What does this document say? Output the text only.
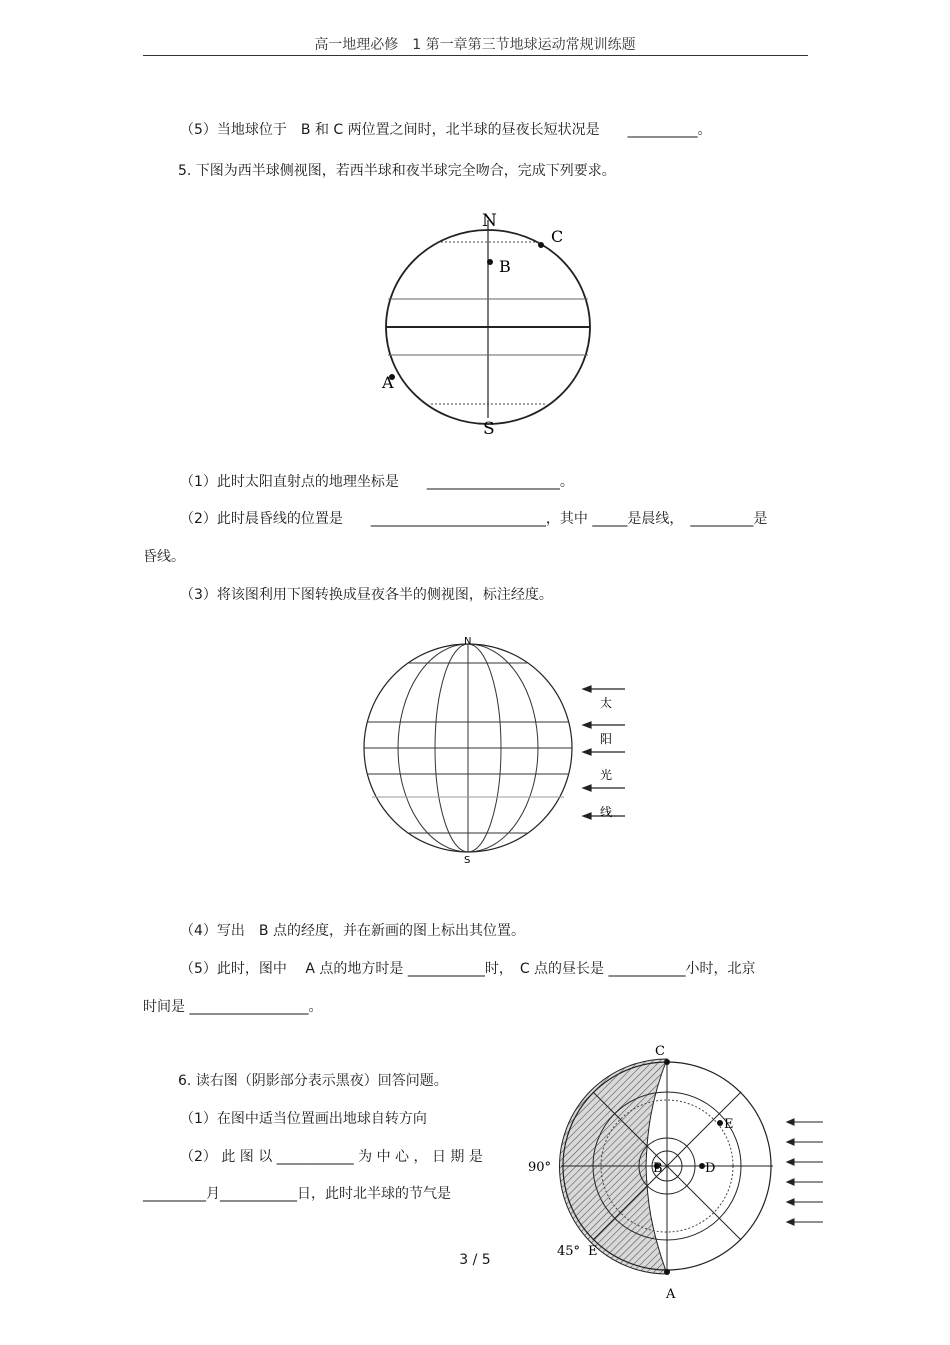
高一地理必修　1 第一章第三节地球运动常规训练题
（5）当地球位于　B 和 C 两位置之间时，北半球的昼夜长短状况是　　__________。
5. 下图为西半球侧视图，若西半球和夜半球完全吻合，完成下列要求。
N
S
B
C
A
（1）此时太阳直射点的地理坐标是　　___________________。
（2）此时晨昏线的位置是　　_________________________，其中 _____是晨线，　_________是
昏线。
（3）将该图利用下图转换成昼夜各半的侧视图，标注经度。
N
S
太
阳
光
线
（4）写出　B 点的经度，并在新画的图上标出其位置。
（5）此时，图中　 A 点的地方时是 ___________时，　C 点的昼长是 ___________小时，北京
时间是 _________________。
6. 读右图（阴影部分表示黑夜）回答问题。
（1）在图中适当位置画出地球自转方向
（2） 此 图 以 ___________ 为 中 心 ， 日 期 是
_________月___________日，此时北半球的节气是
C
A
B	D
E
E
90°
45°
3 / 5
